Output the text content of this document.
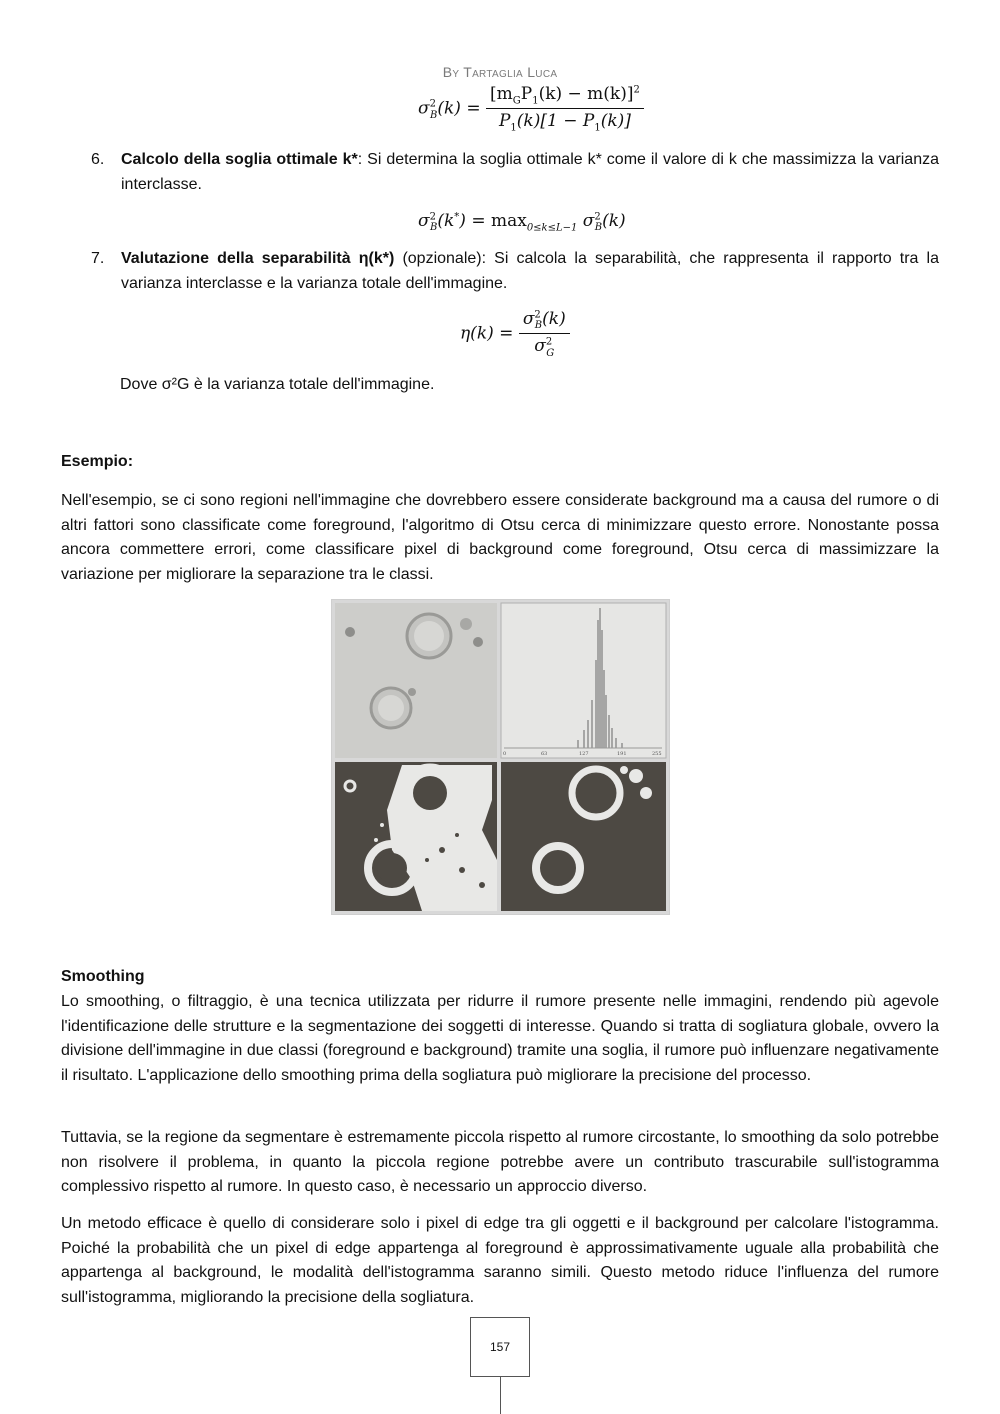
By Tartaglia Luca
$\sigma^2_B(k) = \frac{[m_GP_1(k) - m(k)]^2}{P_1(k)[1 - P_1(k)]}$
6. Calcolo della soglia ottimale k*: Si determina la soglia ottimale k* come il valore di k che massimizza la varianza interclasse.
$\sigma^2_B(k^*) = \max_{0\le k\le L-1} \sigma^2_B(k)$
7. Valutazione della separabilità η(k*) (opzionale): Si calcola la separabilità, che rappresenta il rapporto tra la varianza interclasse e la varianza totale dell'immagine.
$\eta(k) = \frac{\sigma^2_B(k)}{\sigma^2_G}$
Dove σ²G è la varianza totale dell'immagine.
Esempio:
Nell'esempio, se ci sono regioni nell'immagine che dovrebbero essere considerate background ma a causa del rumore o di altri fattori sono classificate come foreground, l'algoritmo di Otsu cerca di minimizzare questo errore. Nonostante possa ancora commettere errori, come classificare pixel di background come foreground, Otsu cerca di massimizzare la variazione per migliorare la separazione tra le classi.
0	63	127	191	255
Smoothing
Lo smoothing, o filtraggio, è una tecnica utilizzata per ridurre il rumore presente nelle immagini, rendendo più agevole l'identificazione delle strutture e la segmentazione dei soggetti di interesse. Quando si tratta di sogliatura globale, ovvero la divisione dell'immagine in due classi (foreground e background) tramite una soglia, il rumore può influenzare negativamente il risultato. L'applicazione dello smoothing prima della sogliatura può migliorare la precisione del processo.
Tuttavia, se la regione da segmentare è estremamente piccola rispetto al rumore circostante, lo smoothing da solo potrebbe non risolvere il problema, in quanto la piccola regione potrebbe avere un contributo trascurabile sull'istogramma complessivo rispetto al rumore. In questo caso, è necessario un approccio diverso.
Un metodo efficace è quello di considerare solo i pixel di edge tra gli oggetti e il background per calcolare l'istogramma. Poiché la probabilità che un pixel di edge appartenga al foreground è approssimativamente uguale alla probabilità che appartenga al background, le modalità dell'istogramma saranno simili. Questo metodo riduce l'influenza del rumore sull'istogramma, migliorando la precisione della sogliatura.
157
